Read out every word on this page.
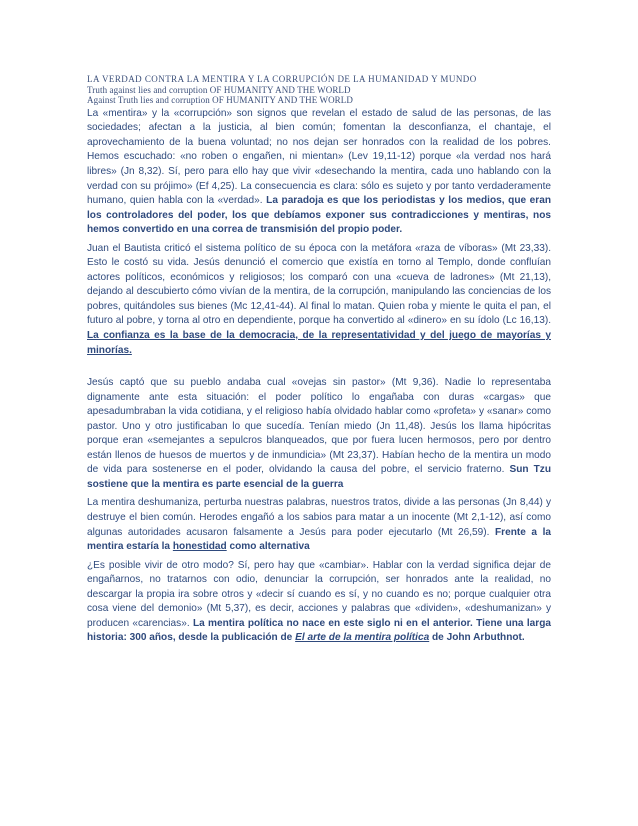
LA VERDAD CONTRA LA MENTIRA Y LA CORRUPCIÓN DE LA HUMANIDAD Y MUNDO
Truth against lies and corruption OF HUMANITY AND THE WORLD
Against Truth lies and corruption OF HUMANITY AND THE WORLD

La «mentira» y la «corrupción» son signos que revelan el estado de salud de las personas, de las sociedades; afectan a la justicia, al bien común; fomentan la desconfianza, el chantaje, el aprovechamiento de la buena voluntad; no nos dejan ser honrados con la realidad de los pobres. Hemos escuchado: «no roben o engañen, ni mientan» (Lev 19,11-12) porque «la verdad nos hará libres» (Jn 8,32). Sí, pero para ello hay que vivir «desechando la mentira, cada uno hablando con la verdad con su prójimo» (Ef 4,25). La consecuencia es clara: sólo es sujeto y por tanto verdaderamente humano, quien habla con la «verdad». La paradoja es que los periodistas y los medios, que eran los controladores del poder, los que debíamos exponer sus contradicciones y mentiras, nos hemos convertido en una correa de transmisión del propio poder.

Juan el Bautista criticó el sistema político de su época con la metáfora «raza de víboras» (Mt 23,33). Esto le costó su vida. Jesús denunció el comercio que existía en torno al Templo, donde confluían actores políticos, económicos y religiosos; los comparó con una «cueva de ladrones» (Mt 21,13), dejando al descubierto cómo vivían de la mentira, de la corrupción, manipulando las conciencias de los pobres, quitándoles sus bienes (Mc 12,41-44). Al final lo matan. Quien roba y miente le quita el pan, el futuro al pobre, y torna al otro en dependiente, porque ha convertido al «dinero» en su ídolo (Lc 16,13). La confianza es la base de la democracia, de la representatividad y del juego de mayorías y minorías.

Jesús captó que su pueblo andaba cual «ovejas sin pastor» (Mt 9,36). Nadie lo representaba dignamente ante esta situación: el poder político lo engañaba con duras «cargas» que apesadumbraban la vida cotidiana, y el religioso había olvidado hablar como «profeta» y «sanar» como pastor. Uno y otro justificaban lo que sucedía. Tenían miedo (Jn 11,48). Jesús los llama hipócritas porque eran «semejantes a sepulcros blanqueados, que por fuera lucen hermosos, pero por dentro están llenos de huesos de muertos y de inmundicia» (Mt 23,37). Habían hecho de la mentira un modo de vida para sostenerse en el poder, olvidando la causa del pobre, el servicio fraterno. Sun Tzu sostiene que la mentira es parte esencial de la guerra

La mentira deshumaniza, perturba nuestras palabras, nuestros tratos, divide a las personas (Jn 8,44) y destruye el bien común. Herodes engañó a los sabios para matar a un inocente (Mt 2,1-12), así como algunas autoridades acusaron falsamente a Jesús para poder ejecutarlo (Mt 26,59). Frente a la mentira estaría la honestidad como alternativa

¿Es posible vivir de otro modo? Sí, pero hay que «cambiar». Hablar con la verdad significa dejar de engañarnos, no tratarnos con odio, denunciar la corrupción, ser honrados ante la realidad, no descargar la propia ira sobre otros y «decir sí cuando es sí, y no cuando es no; porque cualquier otra cosa viene del demonio» (Mt 5,37), es decir, acciones y palabras que «dividen», «deshumanizan» y producen «carencias». La mentira política no nace en este siglo ni en el anterior. Tiene una larga historia: 300 años, desde la publicación de El arte de la mentira política de John Arbuthnot.
